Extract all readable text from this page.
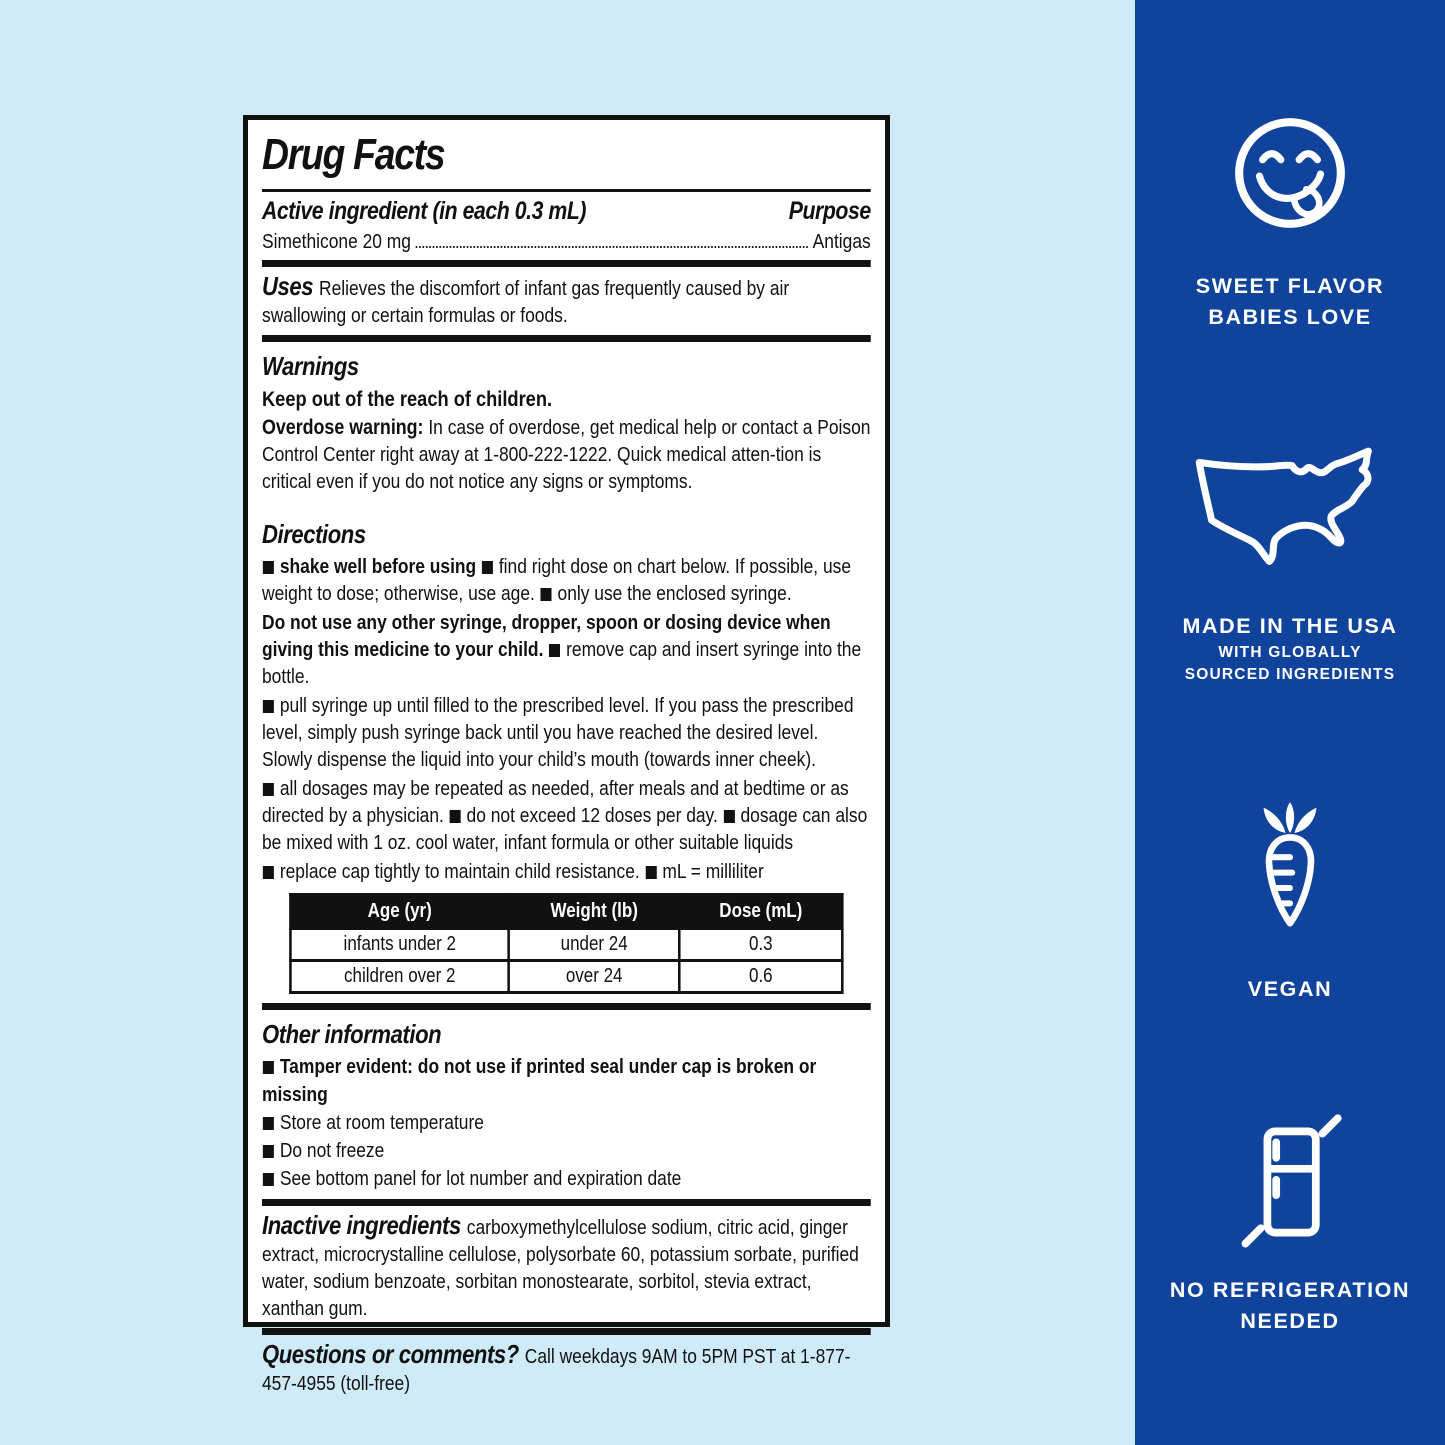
Drug Facts
Active ingredient (in each 0.3 mL)	Purpose
Simethicone 20 mg	Antigas

Uses Relieves the discomfort of infant gas frequently caused by air swallowing or certain formulas or foods.

Warnings
Keep out of the reach of children.

Overdose warning: In case of overdose, get medical help or contact a Poison Control Center right away at 1-800-222-1222. Quick medical atten-tion is critical even if you do not notice any signs or symptoms.

Directions

shake well before using find right dose on chart below. If possible, use weight to dose; otherwise, use age. only use the enclosed syringe.

Do not use any other syringe, dropper, spoon or dosing device when giving this medicine to your child. remove cap and insert syringe into the bottle.

pull syringe up until filled to the prescribed level. If you pass the prescribed level, simply push syringe back until you have reached the desired level. Slowly dispense the liquid into your child’s mouth (towards inner cheek).

all dosages may be repeated as needed, after meals and at bedtime or as directed by a physician. do not exceed 12 doses per day. dosage can also be mixed with 1 oz. cool water, infant formula or other suitable liquids

replace cap tightly to maintain child resistance. mL = milliliter

Age (yr)	Weight (lb)	Dose (mL)
infants under 2	under 24	0.3
children over 2	over 24	0.6
Other information
Tamper evident: do not use if printed seal under cap is broken or missing
Store at room temperature
Do not freeze
See bottom panel for lot number and expiration date

Inactive ingredients carboxymethylcellulose sodium, citric acid, ginger extract, microcrystalline cellulose, polysorbate 60, potassium sorbate, purified water, sodium benzoate, sorbitan monostearate, sorbitol, stevia extract, xanthan gum.

Questions or comments? Call weekdays 9AM to 5PM PST at 1-877-457-4955 (toll-free)

SWEET FLAVOR
BABIES LOVE
MADE IN THE USA
WITH GLOBALLY
SOURCED INGREDIENTS
VEGAN
NO REFRIGERATION
NEEDED
